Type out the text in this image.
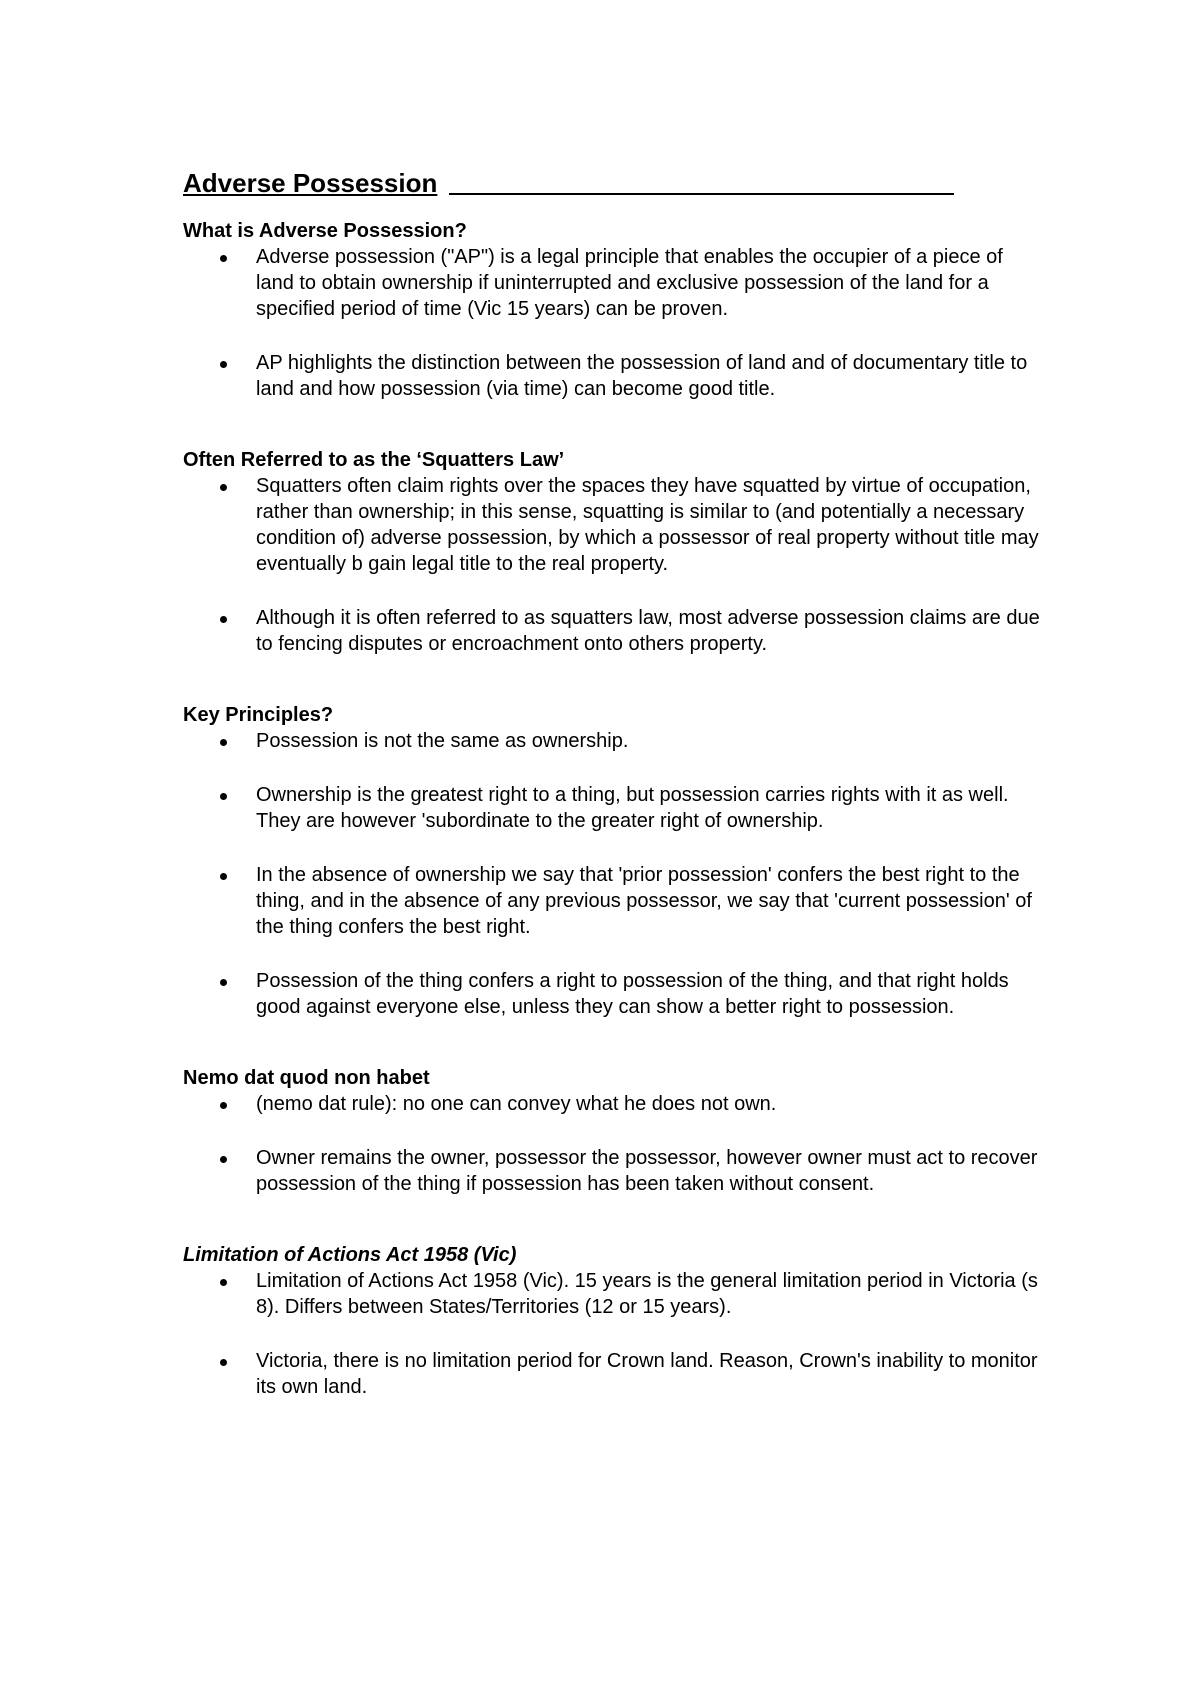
Adverse Possession
What is Adverse Possession?
Adverse possession ("AP") is a legal principle that enables the occupier of a piece of land to obtain ownership if uninterrupted and exclusive possession of the land for a specified period of time (Vic 15 years) can be proven.
AP highlights the distinction between the possession of land and of documentary title to land and how possession (via time) can become good title.
Often Referred to as the ‘Squatters Law’
Squatters often claim rights over the spaces they have squatted by virtue of occupation, rather than ownership; in this sense, squatting is similar to (and potentially a necessary condition of) adverse possession, by which a possessor of real property without title may eventually b gain legal title to the real property.
Although it is often referred to as squatters law, most adverse possession claims are due to fencing disputes or encroachment onto others property.
Key Principles?
Possession is not the same as ownership.
Ownership is the greatest right to a thing, but possession carries rights with it as well. They are however 'subordinate to the greater right of ownership.
In the absence of ownership we say that 'prior possession' confers the best right to the thing, and in the absence of any previous possessor, we say that 'current possession' of the thing confers the best right.
Possession of the thing confers a right to possession of the thing, and that right holds good against everyone else, unless they can show a better right to possession.
Nemo dat quod non habet
(nemo dat rule): no one can convey what he does not own.
Owner remains the owner, possessor the possessor, however owner must act to recover possession of the thing if possession has been taken without consent.
Limitation of Actions Act 1958 (Vic)
Limitation of Actions Act 1958 (Vic). 15 years is the general limitation period in Victoria (s 8). Differs between States/Territories (12 or 15 years).
Victoria, there is no limitation period for Crown land. Reason, Crown's inability to monitor its own land.
